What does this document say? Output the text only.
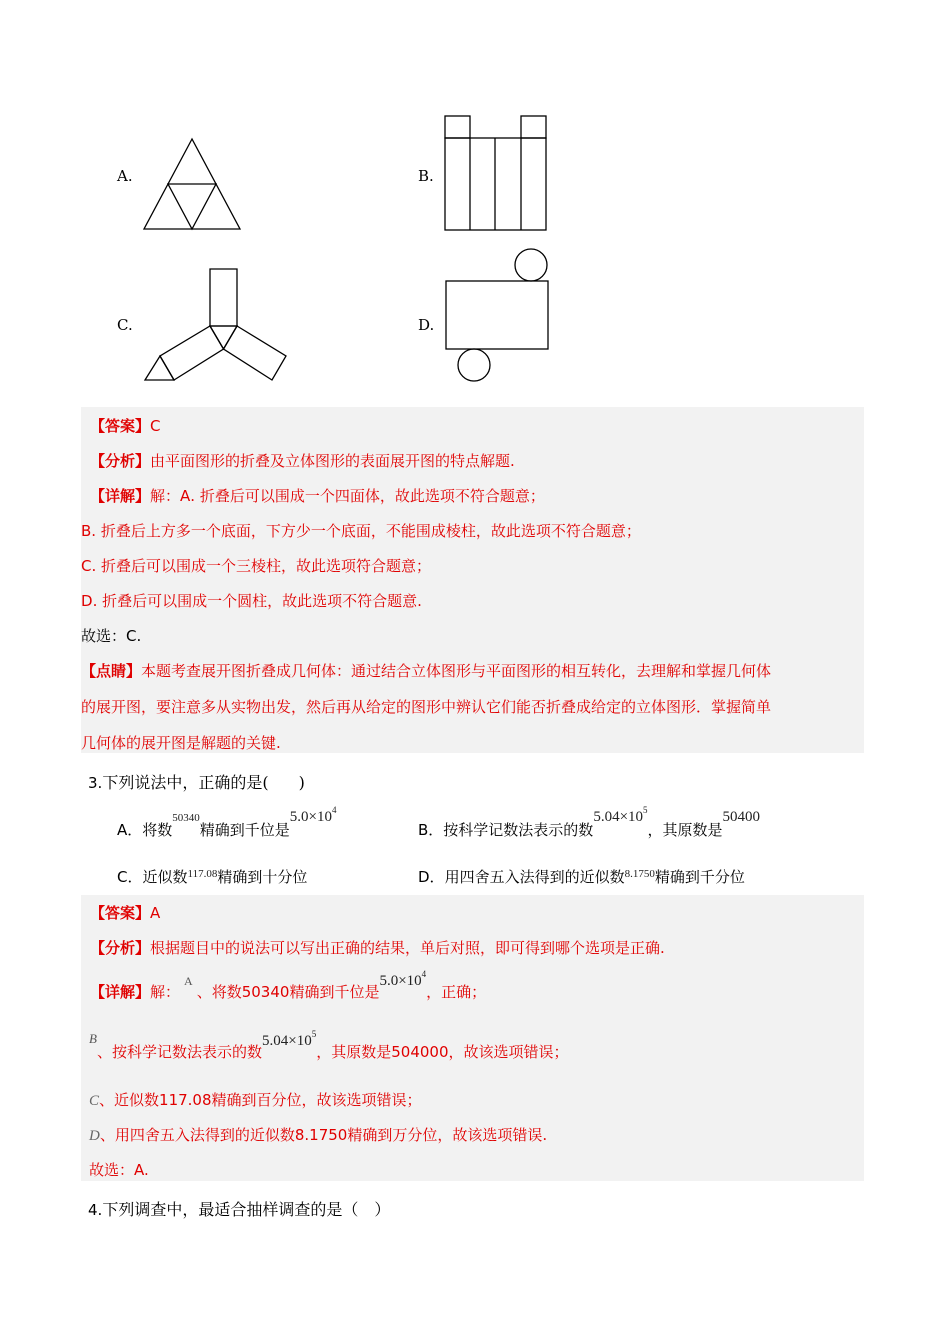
A.	B.
C.	D.
【答案】C
【分析】由平面图形的折叠及立体图形的表面展开图的特点解题.
【详解】解：A. 折叠后可以围成一个四面体，故此选项不符合题意；
B. 折叠后上方多一个底面，下方少一个底面，不能围成棱柱，故此选项不符合题意；
C. 折叠后可以围成一个三棱柱，故此选项符合题意；
D. 折叠后可以围成一个圆柱，故此选项不符合题意.
故选：C.
【点睛】本题考查展开图折叠成几何体：通过结合立体图形与平面图形的相互转化，去理解和掌握几何体
的展开图，要注意多从实物出发，然后再从给定的图形中辨认它们能否折叠成给定的立体图形．掌握简单
几何体的展开图是解题的关键.
3.下列说法中，正确的是( )
A．将数$^{50340}$精确到千位是$5.0\times 10^4$
B．按科学记数法表示的数$5.04\times 10^5$，其原数是50400
C．近似数$^{117.08}$精确到十分位	D．用四舍五入法得到的近似数$^{8.1750}$精确到千分位
【答案】A
【分析】根据题目中的说法可以写出正确的结果，单后对照，即可得到哪个选项是正确.
【详解】解：$^A$、将数50340精确到千位是$5.0\times 10^4$，正确；
B
、按科学记数法表示的数$5.04\times 10^5$，其原数是504000，故该选项错误；
C、近似数117.08精确到百分位，故该选项错误；
D、用四舍五入法得到的近似数8.1750精确到万分位，故该选项错误.
故选：A.
4.下列调查中，最适合抽样调查的是（　）
